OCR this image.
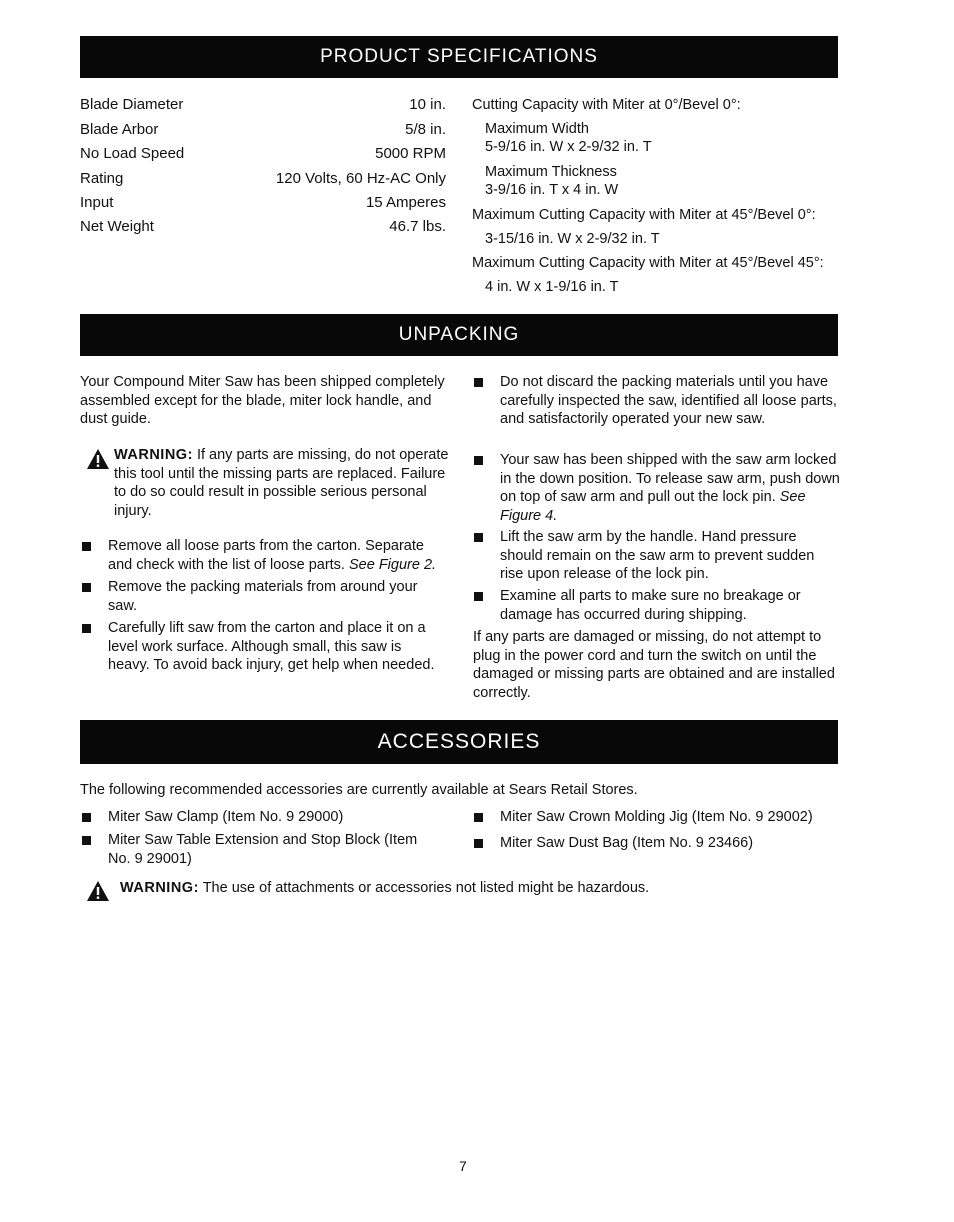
PRODUCT SPECIFICATIONS
Blade Diameter	10 in.
Blade Arbor	5/8 in.
No Load Speed	5000 RPM
Rating	120 Volts, 60 Hz-AC Only
Input	15 Amperes
Net Weight	46.7 lbs.
Cutting Capacity with Miter at 0°/Bevel 0°:
Maximum Width
5-9/16 in. W x 2-9/32 in. T
Maximum Thickness
3-9/16 in. T x 4 in. W
Maximum Cutting Capacity with Miter at 45°/Bevel 0°:
3-15/16 in. W x 2-9/32 in. T
Maximum Cutting Capacity with Miter at 45°/Bevel 45°:
4 in. W x 1-9/16 in. T
UNPACKING
Your Compound Miter Saw has been shipped completely assembled except for the blade, miter lock handle, and dust guide.
WARNING: If any parts are missing, do not operate this tool until the missing parts are replaced. Failure to do so could result in possible serious personal injury.
Remove all loose parts from the carton. Separate and check with the list of loose parts. See Figure 2.
Remove the packing materials from around your saw.
Carefully lift saw from the carton and place it on a level work surface. Although small, this saw is heavy. To avoid back injury, get help when needed.
Do not discard the packing materials until you have carefully inspected the saw, identified all loose parts, and satisfactorily operated your new saw.
Your saw has been shipped with the saw arm locked in the down position. To release saw arm, push down on top of saw arm and pull out the lock pin. See Figure 4.
Lift the saw arm by the handle. Hand pressure should remain on the saw arm to prevent sudden rise upon release of the lock pin.
Examine all parts to make sure no breakage or damage has occurred during shipping.
If any parts are damaged or missing, do not attempt to plug in the power cord and turn the switch on until the damaged or missing parts are obtained and are installed correctly.
ACCESSORIES
The following recommended accessories are currently available at Sears Retail Stores.
Miter Saw Clamp (Item No. 9 29000)
Miter Saw Table Extension and Stop Block (Item No. 9 29001)
Miter Saw Crown Molding Jig (Item No. 9 29002)
Miter Saw Dust Bag (Item No. 9 23466)
WARNING: The use of attachments or accessories not listed might be hazardous.
7
